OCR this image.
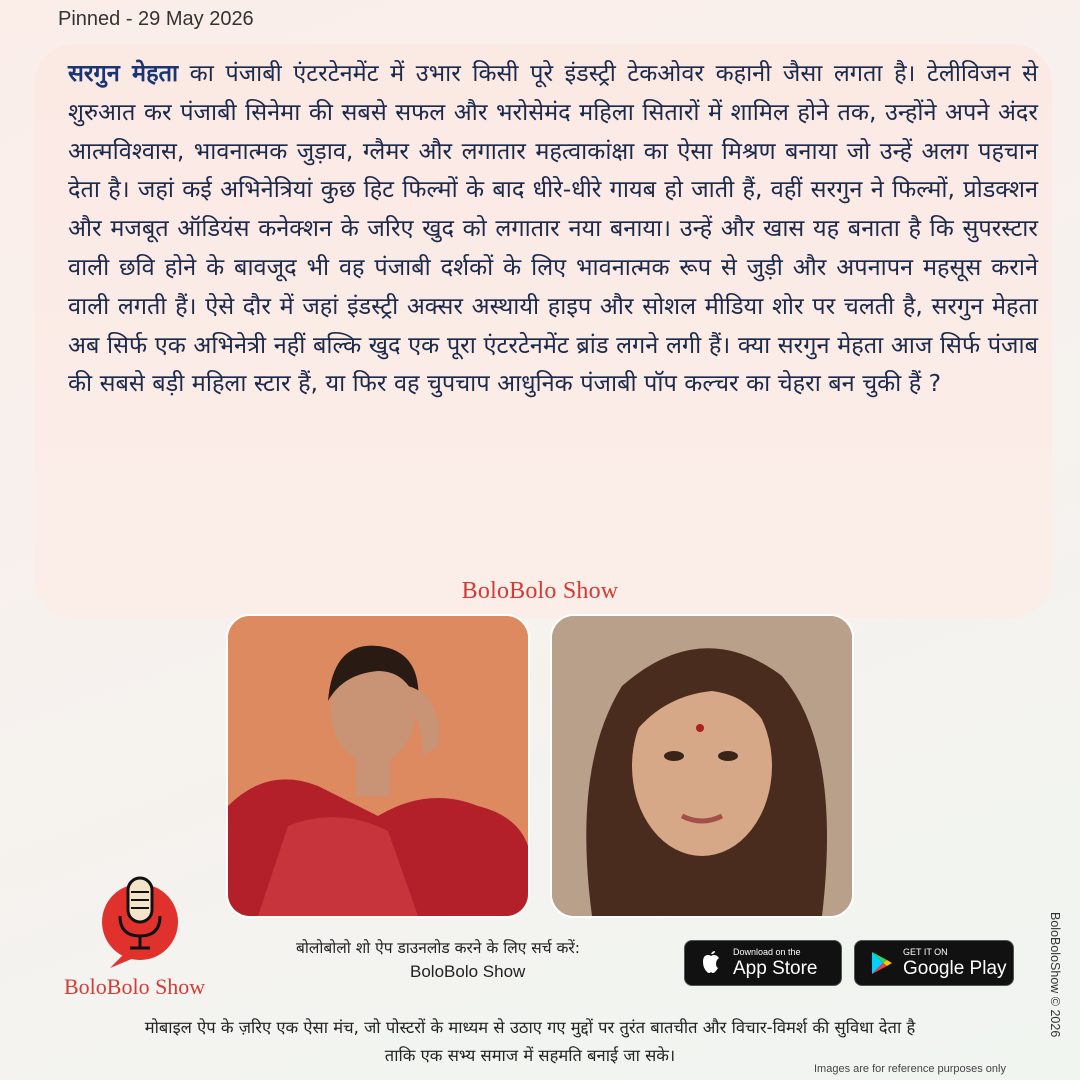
Pinned - 29 May 2026

सरगुन मेहता का पंजाबी एंटरटेनमेंट में उभार किसी पूरे इंडस्ट्री टेकओवर कहानी जैसा लगता है। टेलीविजन से शुरुआत कर पंजाबी सिनेमा की सबसे सफल और भरोसेमंद महिला सितारों में शामिल होने तक, उन्होंने अपने अंदर आत्मविश्वास, भावनात्मक जुड़ाव, ग्लैमर और लगातार महत्वाकांक्षा का ऐसा मिश्रण बनाया जो उन्हें अलग पहचान देता है। जहां कई अभिनेत्रियां कुछ हिट फिल्मों के बाद धीरे-धीरे गायब हो जाती हैं, वहीं सरगुन ने फिल्मों, प्रोडक्शन और मजबूत ऑडियंस कनेक्शन के जरिए खुद को लगातार नया बनाया। उन्हें और खास यह बनाता है कि सुपरस्टार वाली छवि होने के बावजूद भी वह पंजाबी दर्शकों के लिए भावनात्मक रूप से जुड़ी और अपनापन महसूस कराने वाली लगती हैं। ऐसे दौर में जहां इंडस्ट्री अक्सर अस्थायी हाइप और सोशल मीडिया शोर पर चलती है, सरगुन मेहता अब सिर्फ एक अभिनेत्री नहीं बल्कि खुद एक पूरा एंटरटेनमेंट ब्रांड लगने लगी हैं। क्या सरगुन मेहता आज सिर्फ पंजाब की सबसे बड़ी महिला स्टार हैं, या फिर वह चुपचाप आधुनिक पंजाबी पॉप कल्चर का चेहरा बन चुकी हैं ?

BoloBolo Show
BoloBolo Show
बोलोबोलो शो ऐप डाउनलोड करने के लिए सर्च करें:
BoloBolo Show
Download on the
App Store
GET IT ON
Google Play
मोबाइल ऐप के ज़रिए एक ऐसा मंच, जो पोस्टरों के माध्यम से उठाए गए मुद्दों पर तुरंत बातचीत और विचार-विमर्श की सुविधा देता है
ताकि एक सभ्य समाज में सहमति बनाई जा सके।
BoloBoloShow © 2026
Images are for reference purposes only
